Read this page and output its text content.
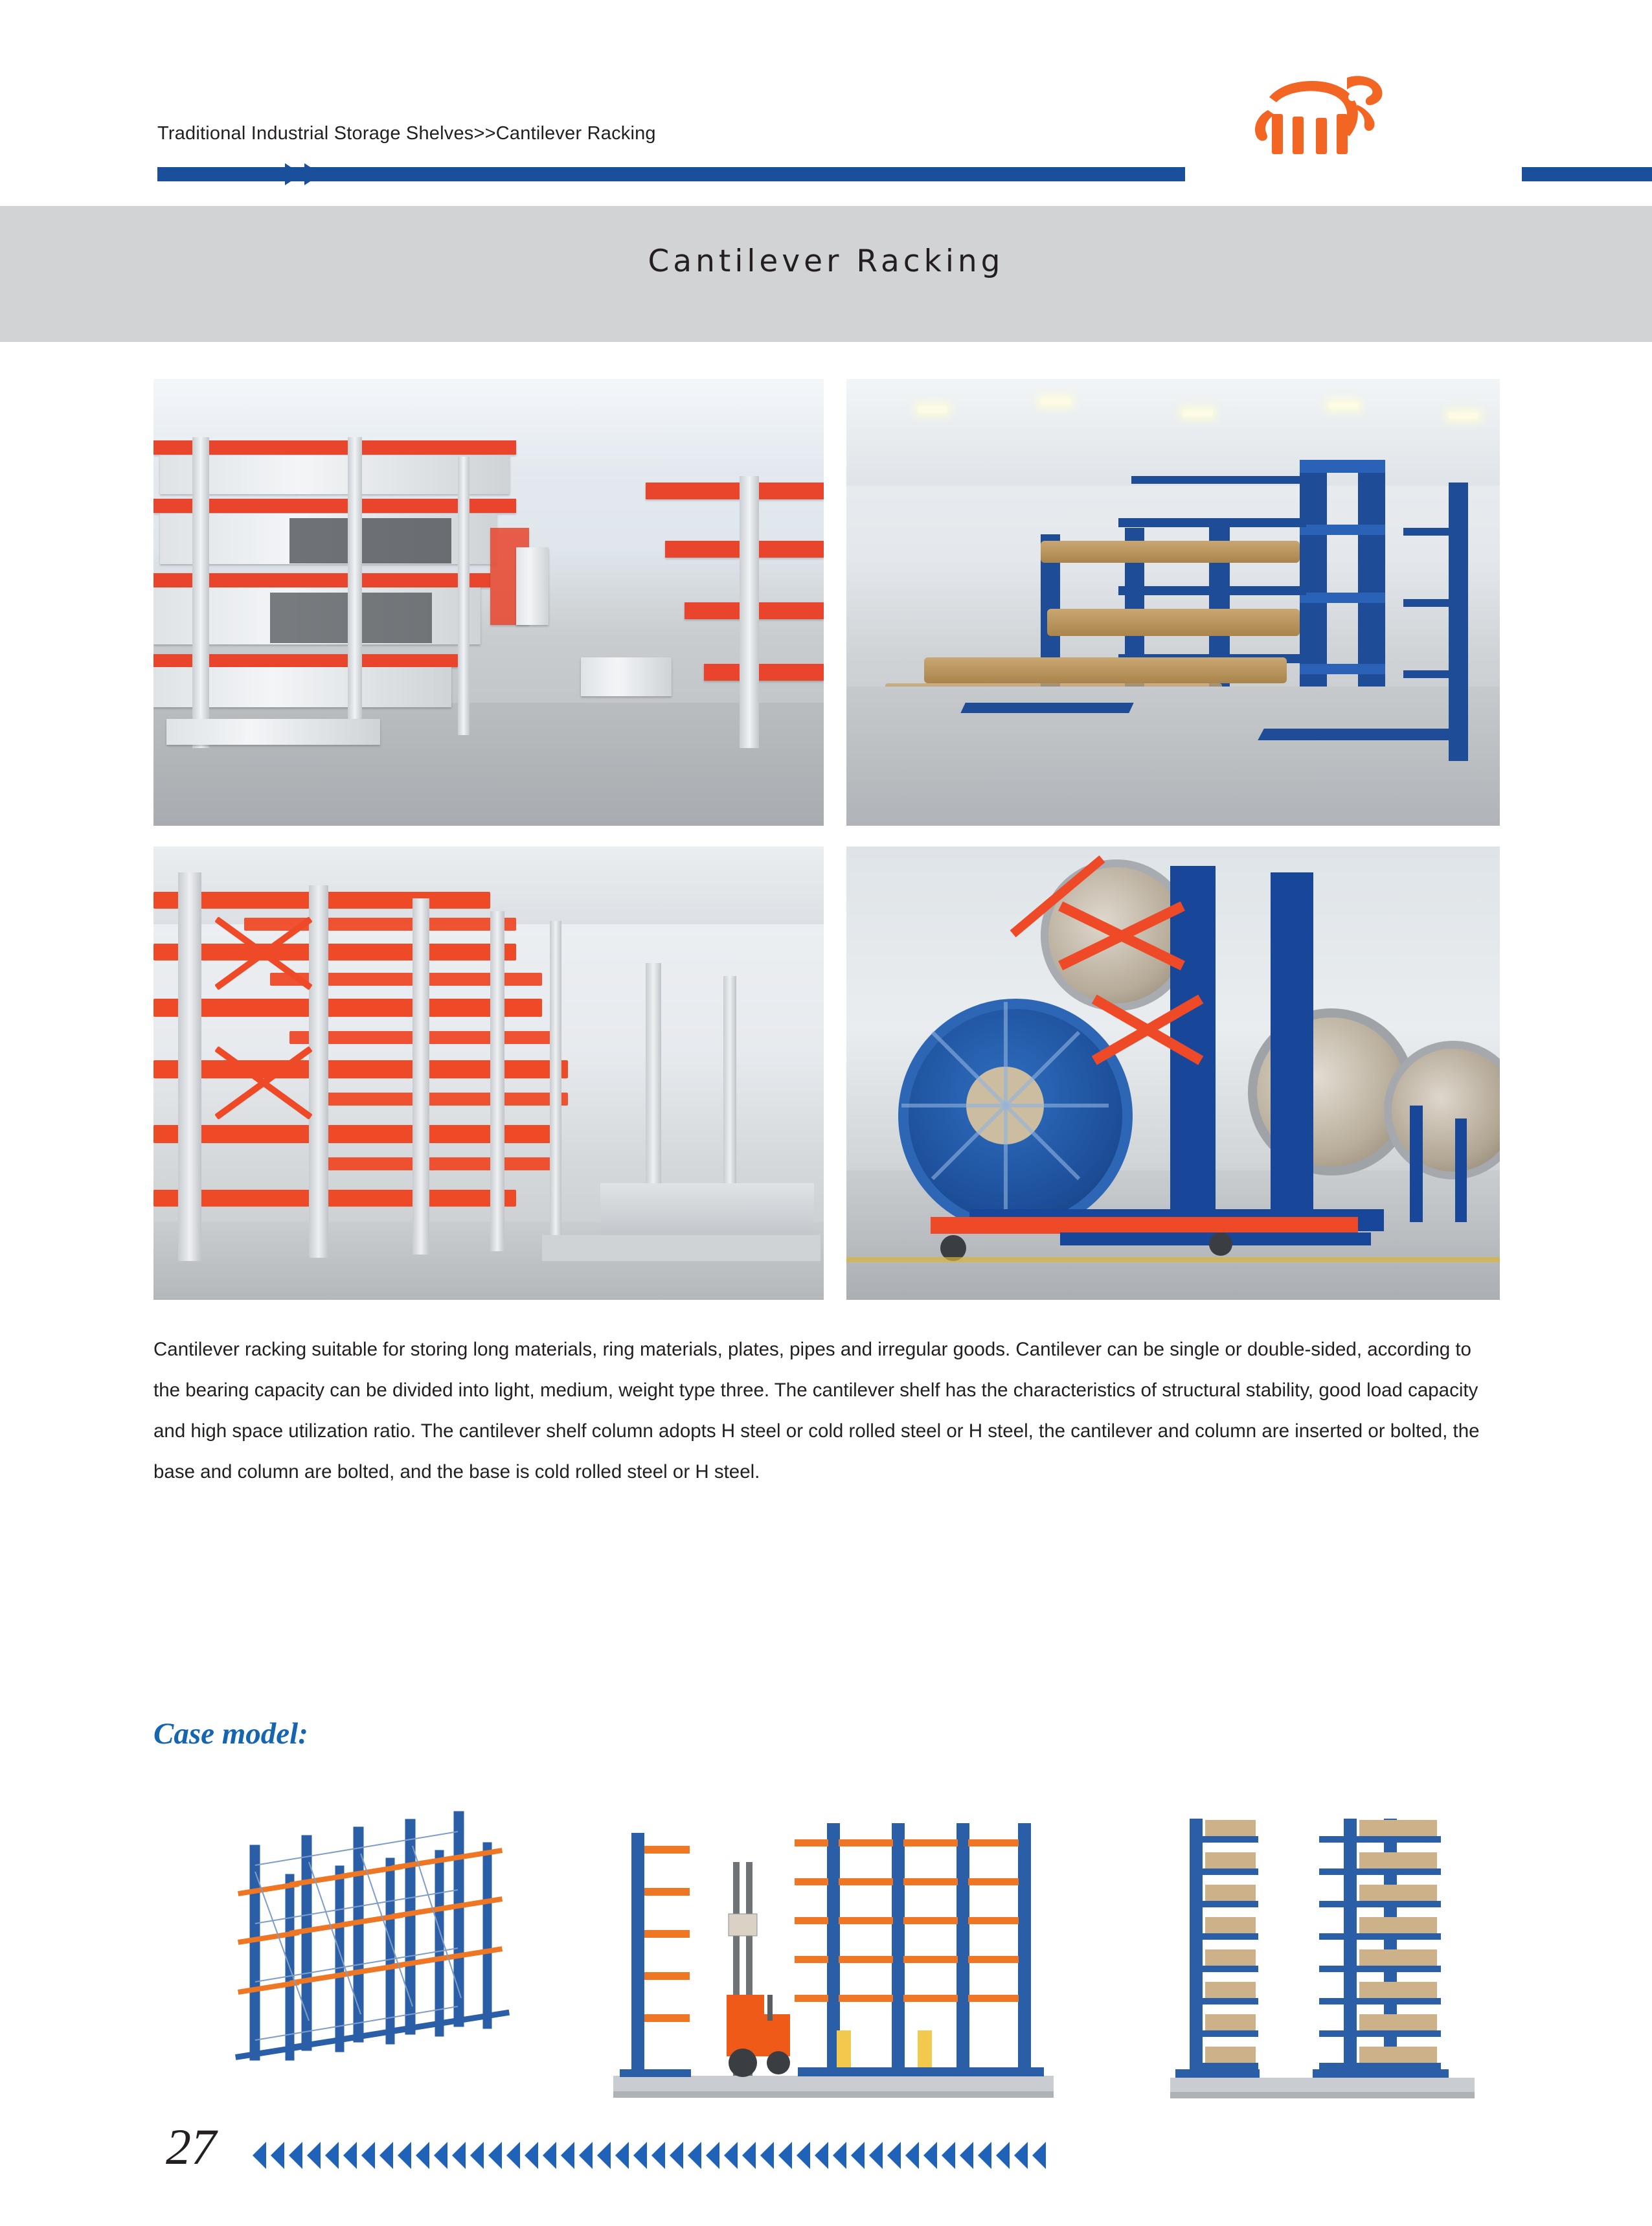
Traditional Industrial Storage Shelves>>Cantilever Racking
Cantilever Racking
Cantilever racking suitable for storing long materials, ring materials, plates, pipes and irregular goods. Cantilever can be single or double-sided, according to the bearing capacity can be divided into light, medium, weight type three. The cantilever shelf has the characteristics of structural stability, good load capacity and high space utilization ratio. The cantilever shelf column adopts H steel or cold rolled steel or H steel, the cantilever and column are inserted or bolted, the base and column are bolted, and the base is cold rolled steel or H steel.
Case model:
27
